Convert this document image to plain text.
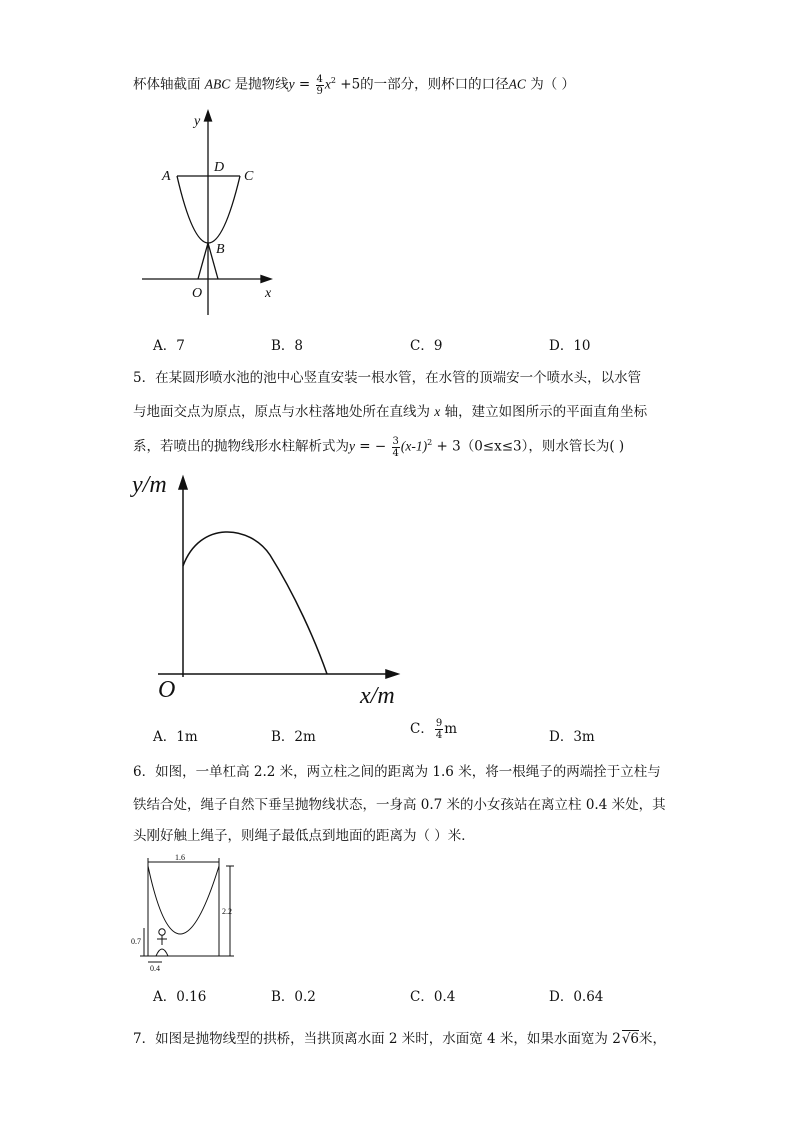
杯体轴截面 ABC 是抛物线$y = \frac{4}{9} x^2 +5$的一部分，则杯口的口径AC 为（ ）
y
x
O
A	C
D
B
A．7	B．8	C．9	D．10
5．在某圆形喷水池的池中心竖直安装一根水管，在水管的顶端安一个喷水头，以水管
与地面交点为原点，原点与水柱落地处所在直线为 x 轴，建立如图所示的平面直角坐标
系，若喷出的抛物线形水柱解析式为y = − $\frac{3}{4} (x-1)^2 + 3(0\le x\le 3)$，则水管长为( )
y/m
x/m
O
A．1m	B．2m	C． $\frac{9}{4}$ m	D．3m
6．如图，一单杠高 2.2 米，两立柱之间的距离为 1.6 米，将一根绳子的两端拴于立柱与
铁结合处，绳子自然下垂呈抛物线状态，一身高 0.7 米的小女孩站在离立柱 0.4 米处，其
头刚好触上绳子，则绳子最低点到地面的距离为（ ）米．
1.6
2.2
0.7
0.4
A．0.16	B．0.2	C．0.4	D．0.64
7．如图是抛物线型的拱桥，当拱顶离水面 2 米时，水面宽 4 米，如果水面宽为 2√6米，
